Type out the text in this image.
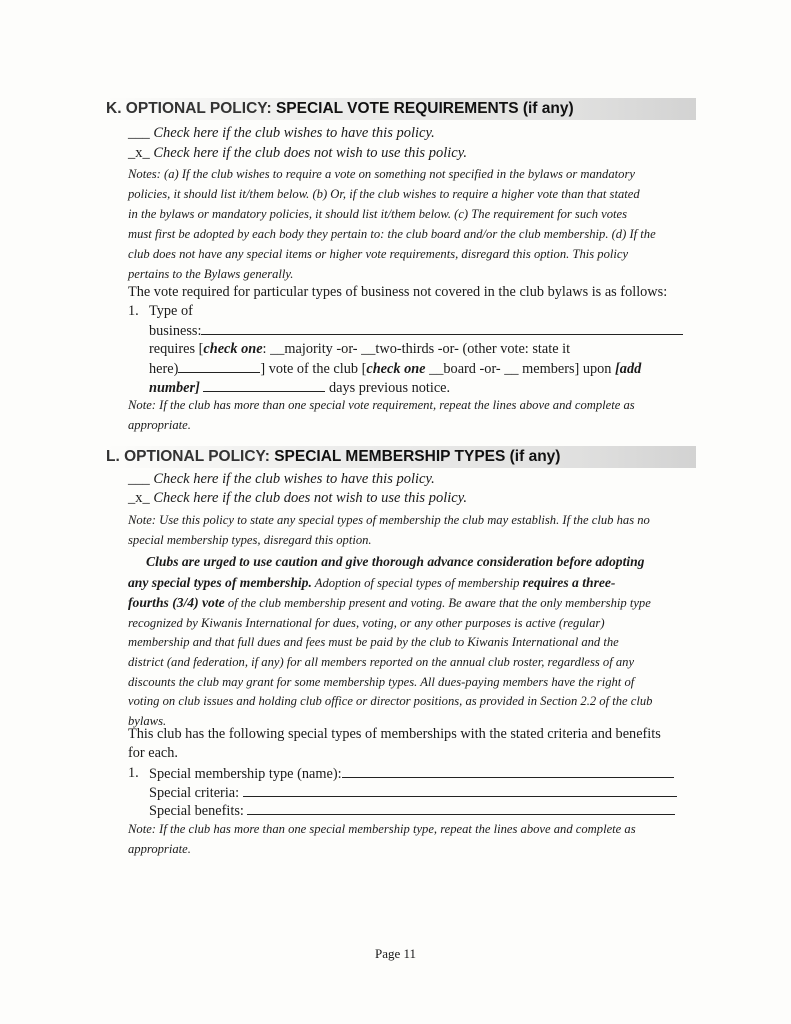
K. OPTIONAL POLICY: SPECIAL VOTE REQUIREMENTS (if any)
___ Check here if the club wishes to have this policy.
_x_ Check here if the club does not wish to use this policy.
Notes: (a) If the club wishes to require a vote on something not specified in the bylaws or mandatory
policies, it should list it/them below. (b) Or, if the club wishes to require a higher vote than that stated
in the bylaws or mandatory policies, it should list it/them below. (c) The requirement for such votes
must first be adopted by each body they pertain to: the club board and/or the club membership. (d) If the
club does not have any special items or higher vote requirements, disregard this option. This policy
pertains to the Bylaws generally.
The vote required for particular types of business not covered in the club bylaws is as follows:
1. Type of
business:
requires [check one: __majority -or- __two-thirds -or- (other vote: state it
here)	] vote of the club [check one __board -or- __ members] upon [add
number]	days previous notice.
Note: If the club has more than one special vote requirement, repeat the lines above and complete as
appropriate.
L. OPTIONAL POLICY: SPECIAL MEMBERSHIP TYPES (if any)
___ Check here if the club wishes to have this policy.
_x_ Check here if the club does not wish to use this policy.
Note: Use this policy to state any special types of membership the club may establish. If the club has no
special membership types, disregard this option.
Clubs are urged to use caution and give thorough advance consideration before adopting
any special types of membership. Adoption of special types of membership requires a three-
fourths (3/4) vote of the club membership present and voting. Be aware that the only membership type
recognized by Kiwanis International for dues, voting, or any other purposes is active (regular)
membership and that full dues and fees must be paid by the club to Kiwanis International and the
district (and federation, if any) for all members reported on the annual club roster, regardless of any
discounts the club may grant for some membership types. All dues-paying members have the right of
voting on club issues and holding club office or director positions, as provided in Section 2.2 of the club
bylaws.
This club has the following special types of memberships with the stated criteria and benefits
for each.
1. Special membership type (name):
Special criteria:
Special benefits:
Note: If the club has more than one special membership type, repeat the lines above and complete as
appropriate.
Page 11
